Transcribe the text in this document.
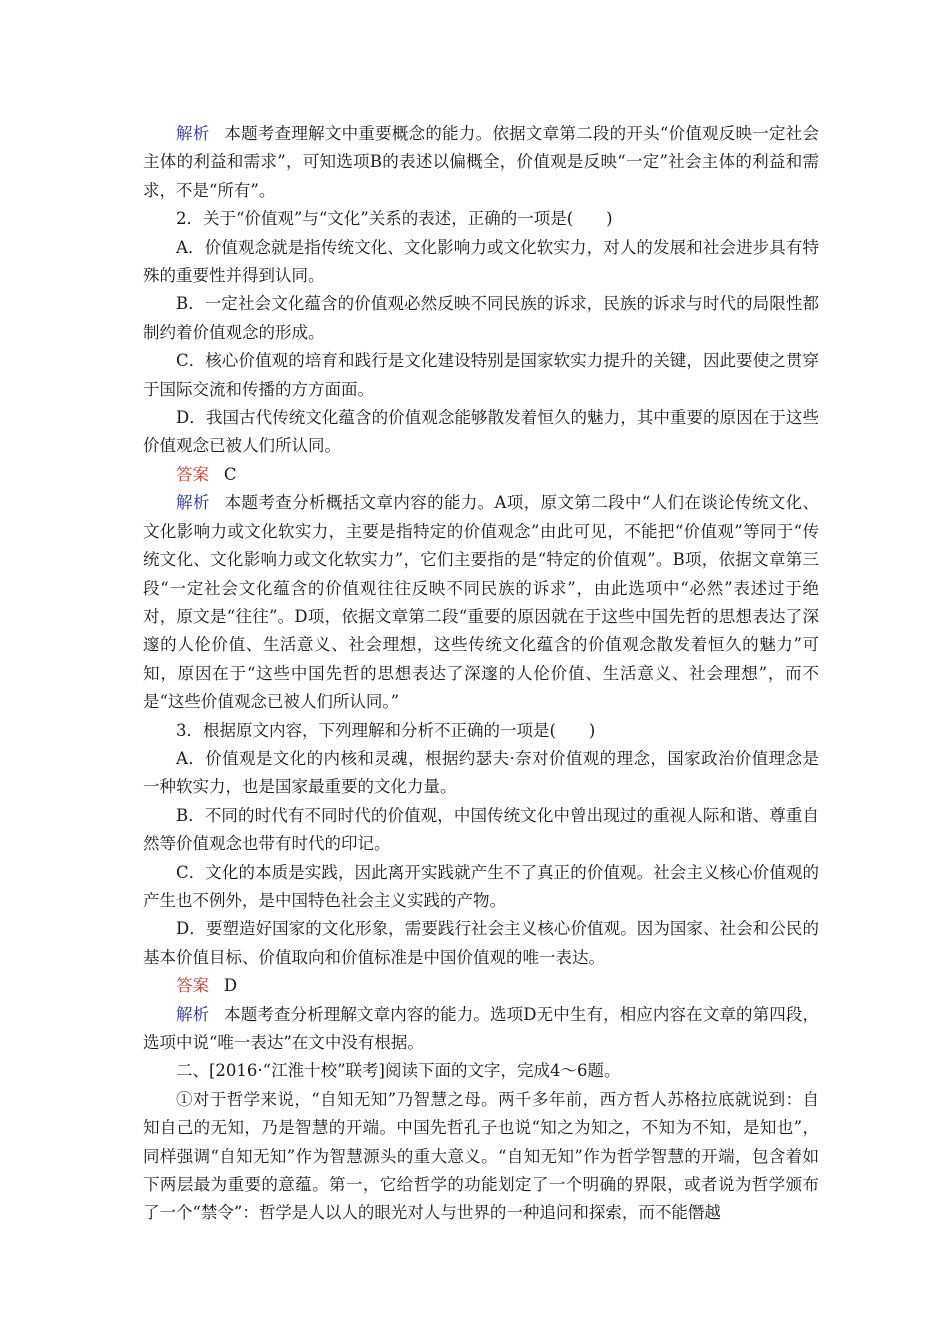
解析 本题考查理解文中重要概念的能力。依据文章第二段的开头“价值观反映一定社会主体的利益和需求”，可知选项B的表述以偏概全，价值观是反映“一定”社会主体的利益和需求，不是“所有”。

2．关于“价值观”与“文化”关系的表述，正确的一项是(　　)

A．价值观念就是指传统文化、文化影响力或文化软实力，对人的发展和社会进步具有特殊的重要性并得到认同。

B．一定社会文化蕴含的价值观必然反映不同民族的诉求，民族的诉求与时代的局限性都制约着价值观念的形成。

C．核心价值观的培育和践行是文化建设特别是国家软实力提升的关键，因此要使之贯穿于国际交流和传播的方方面面。

D．我国古代传统文化蕴含的价值观念能够散发着恒久的魅力，其中重要的原因在于这些价值观念已被人们所认同。

答案 C

解析 本题考查分析概括文章内容的能力。A项，原文第二段中“人们在谈论传统文化、文化影响力或文化软实力，主要是指特定的价值观念”由此可见，不能把“价值观”等同于“传统文化、文化影响力或文化软实力”，它们主要指的是“特定的价值观”。B项，依据文章第三段“一定社会文化蕴含的价值观往往反映不同民族的诉求”，由此选项中“必然”表述过于绝对，原文是“往往”。D项，依据文章第二段“重要的原因就在于这些中国先哲的思想表达了深邃的人伦价值、生活意义、社会理想，这些传统文化蕴含的价值观念散发着恒久的魅力”可知，原因在于“这些中国先哲的思想表达了深邃的人伦价值、生活意义、社会理想”，而不是“这些价值观念已被人们所认同。”

3．根据原文内容，下列理解和分析不正确的一项是(　　)

A．价值观是文化的内核和灵魂，根据约瑟夫·奈对价值观的理念，国家政治价值理念是一种软实力，也是国家最重要的文化力量。

B．不同的时代有不同时代的价值观，中国传统文化中曾出现过的重视人际和谐、尊重自然等价值观念也带有时代的印记。

C．文化的本质是实践，因此离开实践就产生不了真正的价值观。社会主义核心价值观的产生也不例外，是中国特色社会主义实践的产物。

D．要塑造好国家的文化形象，需要践行社会主义核心价值观。因为国家、社会和公民的基本价值目标、价值取向和价值标准是中国价值观的唯一表达。

答案 D

解析 本题考查分析理解文章内容的能力。选项D无中生有，相应内容在文章的第四段，选项中说“唯一表达”在文中没有根据。

二、[2016·“江淮十校”联考]阅读下面的文字，完成4～6题。

①对于哲学来说，“自知无知”乃智慧之母。两千多年前，西方哲人苏格拉底就说到：自知自己的无知，乃是智慧的开端。中国先哲孔子也说“知之为知之，不知为不知，是知也”，同样强调“自知无知”作为智慧源头的重大意义。“自知无知”作为哲学智慧的开端，包含着如下两层最为重要的意蕴。第一，它给哲学的功能划定了一个明确的界限，或者说为哲学颁布了一个“禁令”：哲学是人以人的眼光对人与世界的一种追问和探索，而不能僭越
